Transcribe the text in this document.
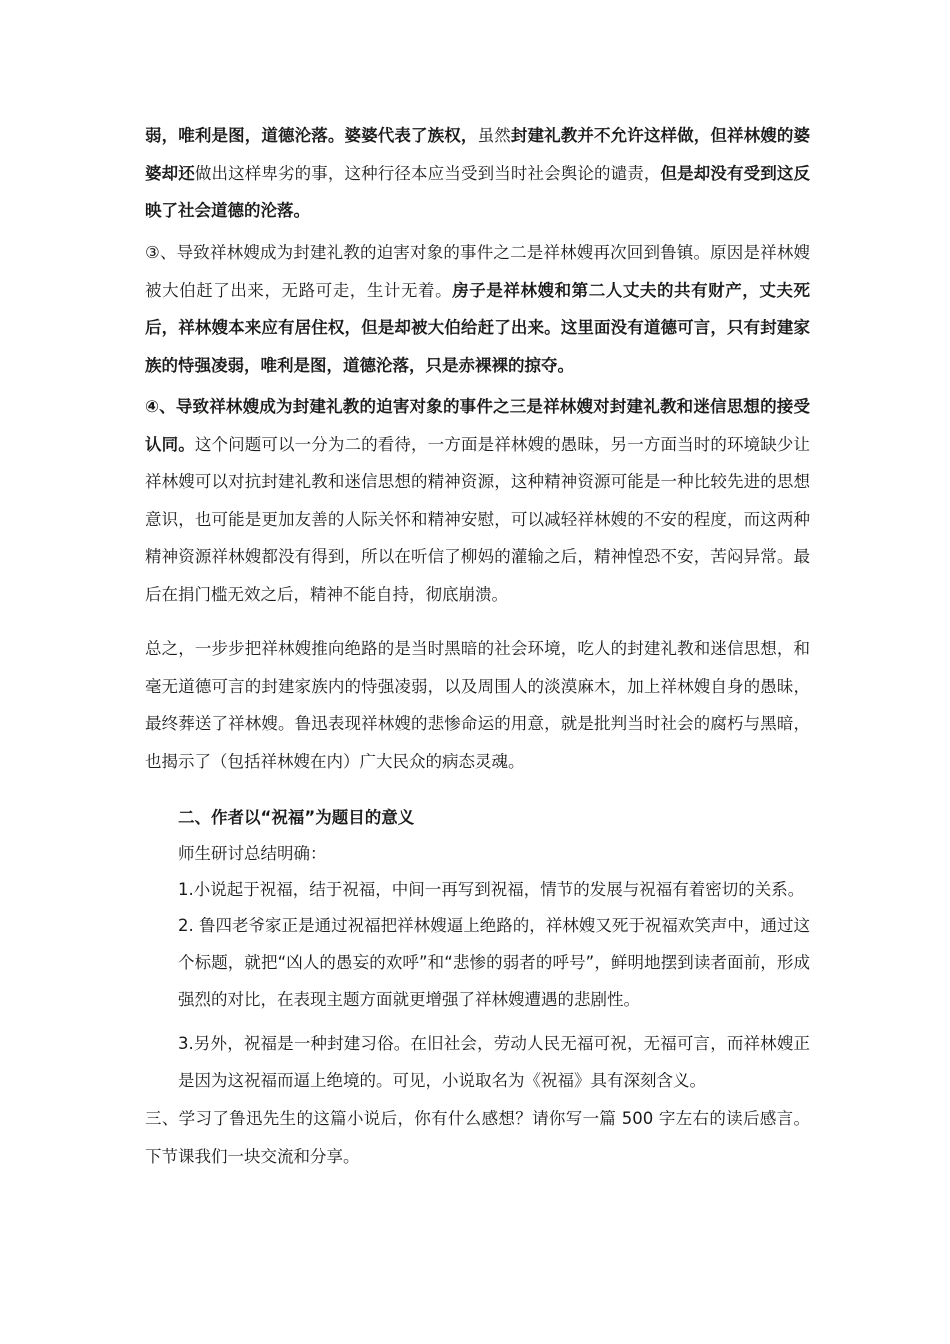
弱，唯利是图，道德沦落。婆婆代表了族权，虽然封建礼教并不允许这样做，但祥林嫂的婆婆却还做出这样卑劣的事，这种行径本应当受到当时社会舆论的谴责，但是却没有受到这反映了社会道德的沦落。
③、导致祥林嫂成为封建礼教的迫害对象的事件之二是祥林嫂再次回到鲁镇。原因是祥林嫂被大伯赶了出来，无路可走，生计无着。房子是祥林嫂和第二人丈夫的共有财产，丈夫死后，祥林嫂本来应有居住权，但是却被大伯给赶了出来。这里面没有道德可言，只有封建家族的恃强凌弱，唯利是图，道德沦落，只是赤裸裸的掠夺。
④、导致祥林嫂成为封建礼教的迫害对象的事件之三是祥林嫂对封建礼教和迷信思想的接受认同。这个问题可以一分为二的看待，一方面是祥林嫂的愚昧，另一方面当时的环境缺少让祥林嫂可以对抗封建礼教和迷信思想的精神资源，这种精神资源可能是一种比较先进的思想意识，也可能是更加友善的人际关怀和精神安慰，可以减轻祥林嫂的不安的程度，而这两种精神资源祥林嫂都没有得到，所以在听信了柳妈的灌输之后，精神惶恐不安，苦闷异常。最后在捐门槛无效之后，精神不能自持，彻底崩溃。
总之，一步步把祥林嫂推向绝路的是当时黑暗的社会环境，吃人的封建礼教和迷信思想，和毫无道德可言的封建家族内的恃强凌弱，以及周围人的淡漠麻木，加上祥林嫂自身的愚昧，最终葬送了祥林嫂。鲁迅表现祥林嫂的悲惨命运的用意，就是批判当时社会的腐朽与黑暗，也揭示了（包括祥林嫂在内）广大民众的病态灵魂。
二、作者以“祝福”为题目的意义
师生研讨总结明确：
1.小说起于祝福，结于祝福，中间一再写到祝福，情节的发展与祝福有着密切的关系。
2. 鲁四老爷家正是通过祝福把祥林嫂逼上绝路的，祥林嫂又死于祝福欢笑声中，通过这个标题，就把“凶人的愚妄的欢呼”和“悲惨的弱者的呼号”，鲜明地摆到读者面前，形成强烈的对比，在表现主题方面就更增强了祥林嫂遭遇的悲剧性。
3.另外，祝福是一种封建习俗。在旧社会，劳动人民无福可祝，无福可言，而祥林嫂正是因为这祝福而逼上绝境的。可见，小说取名为《祝福》具有深刻含义。
三、学习了鲁迅先生的这篇小说后，你有什么感想？请你写一篇 500 字左右的读后感言。下节课我们一块交流和分享。
